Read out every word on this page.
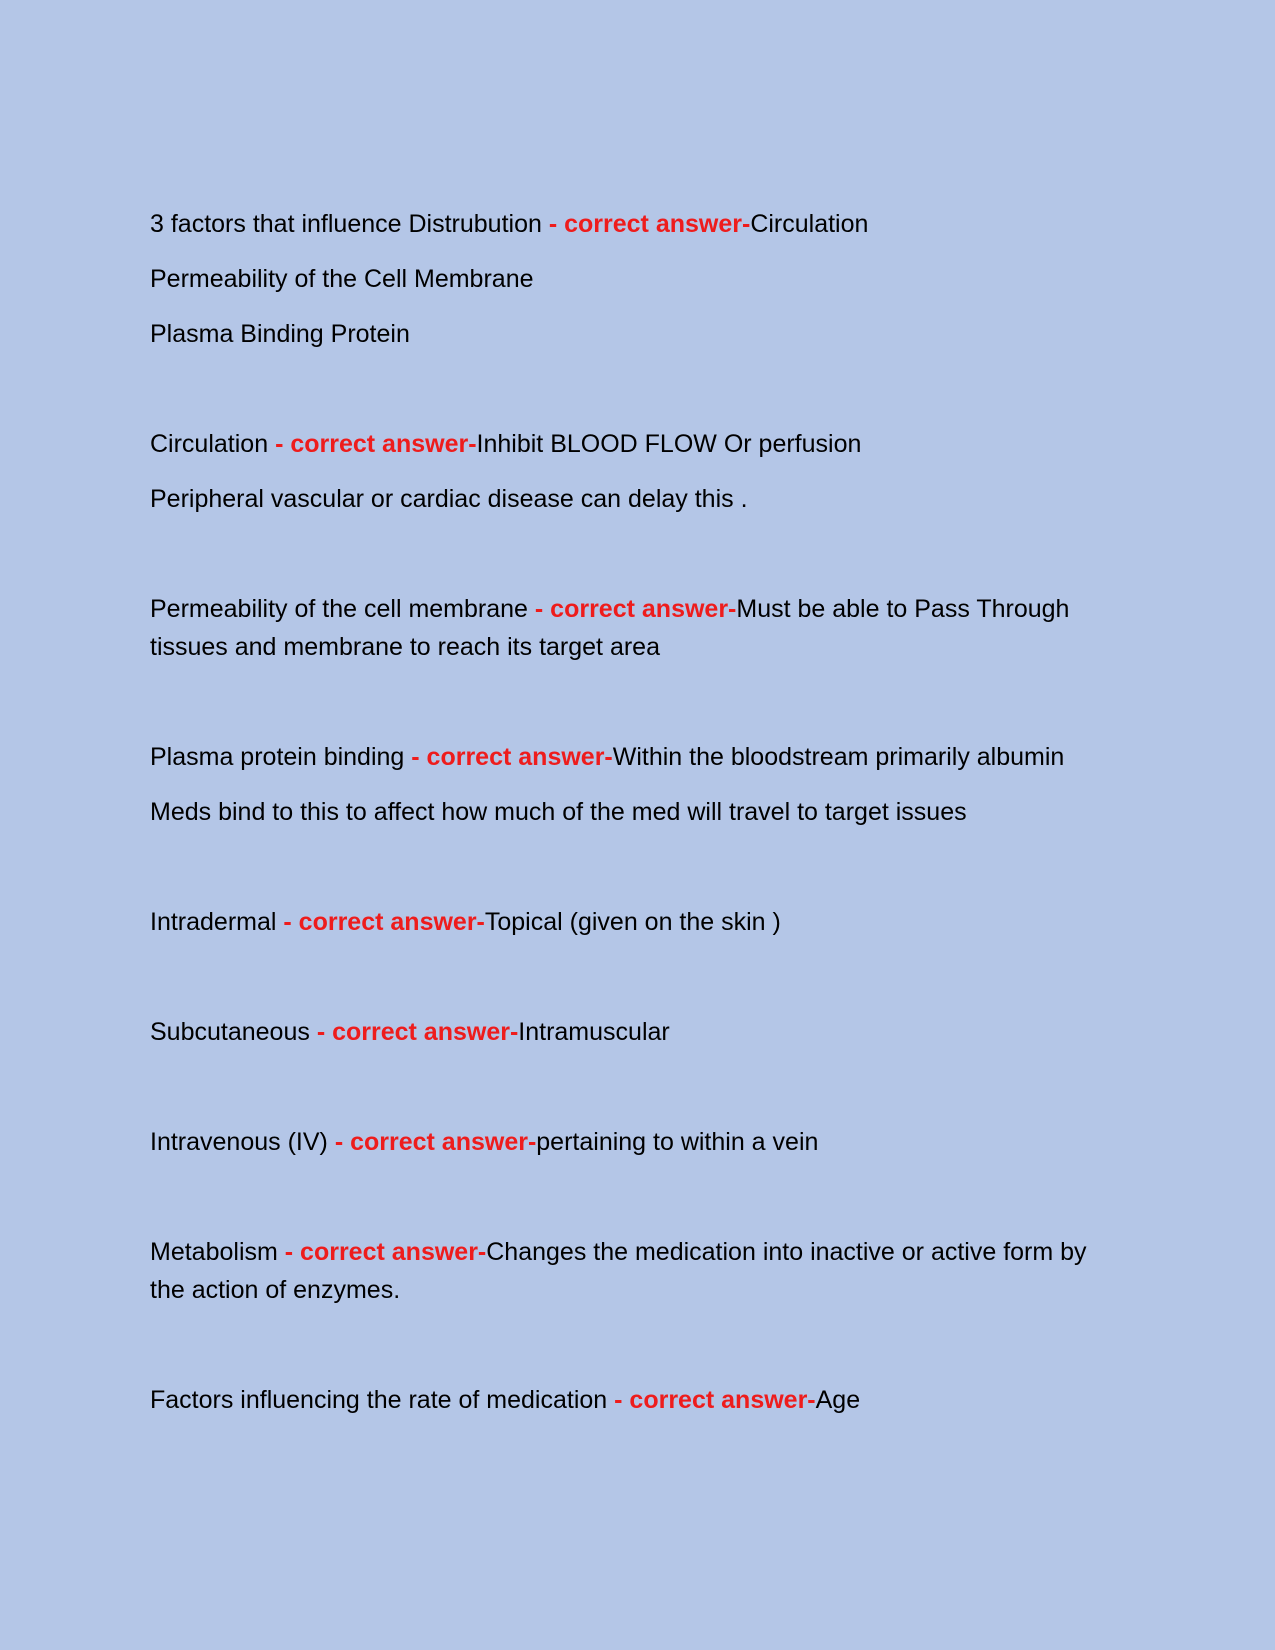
3 factors that influence Distrubution - correct answer-Circulation

Permeability of the Cell Membrane

Plasma Binding Protein

Circulation - correct answer-Inhibit BLOOD FLOW Or perfusion

Peripheral vascular or cardiac disease can delay this .

Permeability of the cell membrane - correct answer-Must be able to Pass Through tissues and membrane to reach its target area

Plasma protein binding - correct answer-Within the bloodstream primarily albumin

Meds bind to this to affect how much of the med will travel to target issues

Intradermal - correct answer-Topical (given on the skin )

Subcutaneous - correct answer-Intramuscular

Intravenous (IV) - correct answer-pertaining to within a vein

Metabolism - correct answer-Changes the medication into inactive or active form by the action of enzymes.

Factors influencing the rate of medication - correct answer-Age
